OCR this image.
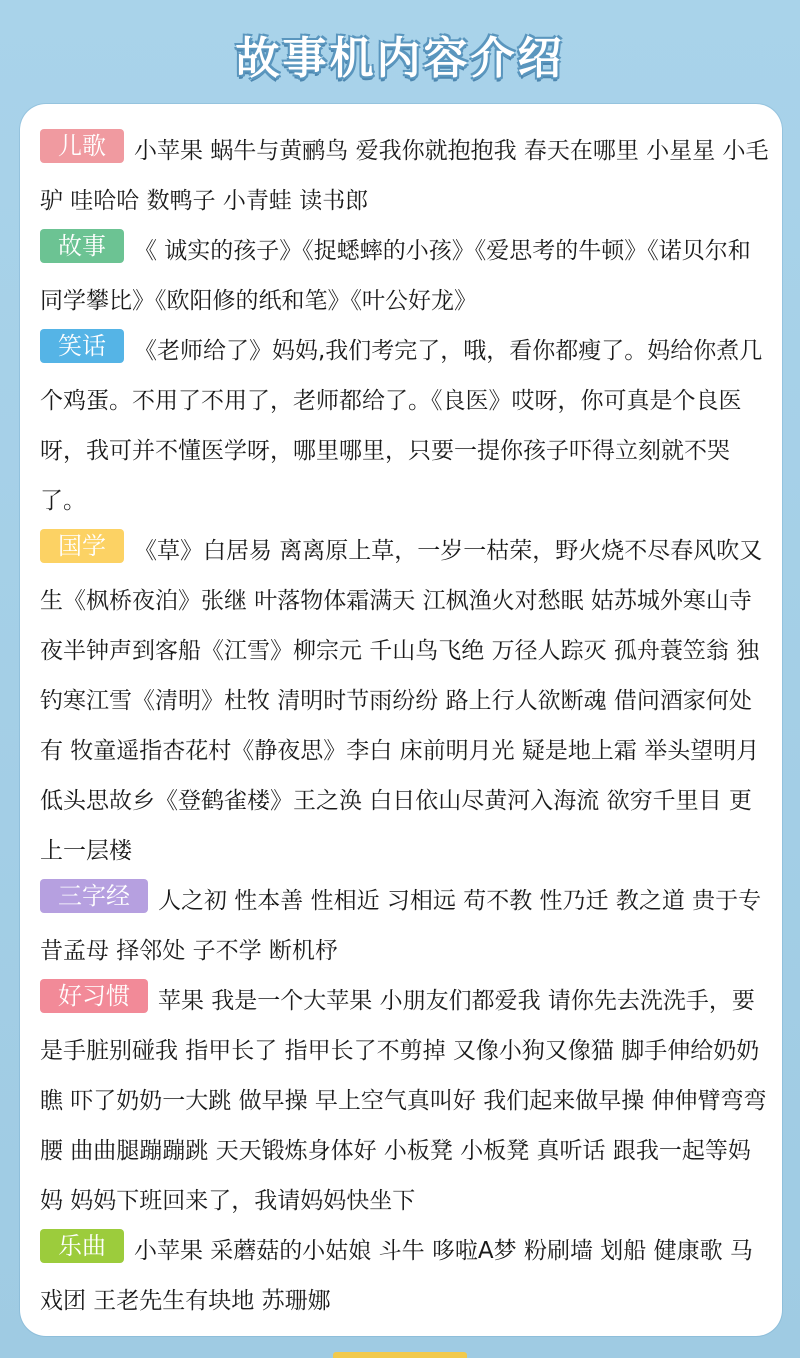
故事机内容介绍

儿歌 小苹果 蜗牛与黄鹂鸟 爱我你就抱抱我 春天在哪里 小星星 小毛驴 哇哈哈 数鸭子 小青蛙 读书郎

故事 《 诚实的孩子》《捉蟋蟀的小孩》《爱思考的牛顿》《诺贝尔和同学攀比》《欧阳修的纸和笔》《叶公好龙》

笑话 《老师给了》妈妈,我们考完了，哦，看你都瘦了。妈给你煮几个鸡蛋。不用了不用了，老师都给了。《良医》哎呀，你可真是个良医呀，我可并不懂医学呀，哪里哪里，只要一提你孩子吓得立刻就不哭了。

国学 《草》白居易 离离原上草，一岁一枯荣，野火烧不尽春风吹又生《枫桥夜泊》张继 叶落物体霜满天 江枫渔火对愁眠 姑苏城外寒山寺 夜半钟声到客船《江雪》柳宗元 千山鸟飞绝 万径人踪灭 孤舟蓑笠翁 独钓寒江雪《清明》杜牧 清明时节雨纷纷 路上行人欲断魂 借问酒家何处有 牧童遥指杏花村《静夜思》李白 床前明月光 疑是地上霜 举头望明月 低头思故乡《登鹤雀楼》王之涣 白日依山尽黄河入海流 欲穷千里目 更上一层楼

三字经 人之初 性本善 性相近 习相远 苟不教 性乃迁 教之道 贵于专 昔孟母 择邻处 子不学 断机杼

好习惯 苹果 我是一个大苹果 小朋友们都爱我 请你先去洗洗手，要是手脏别碰我 指甲长了 指甲长了不剪掉 又像小狗又像猫 脚手伸给奶奶瞧 吓了奶奶一大跳 做早操 早上空气真叫好 我们起来做早操 伸伸臂弯弯腰 曲曲腿蹦蹦跳 天天锻炼身体好 小板凳 小板凳 真听话 跟我一起等妈妈 妈妈下班回来了，我请妈妈快坐下

乐曲 小苹果 采蘑菇的小姑娘 斗牛 哆啦A梦 粉刷墙 划船 健康歌 马戏团 王老先生有块地 苏珊娜
